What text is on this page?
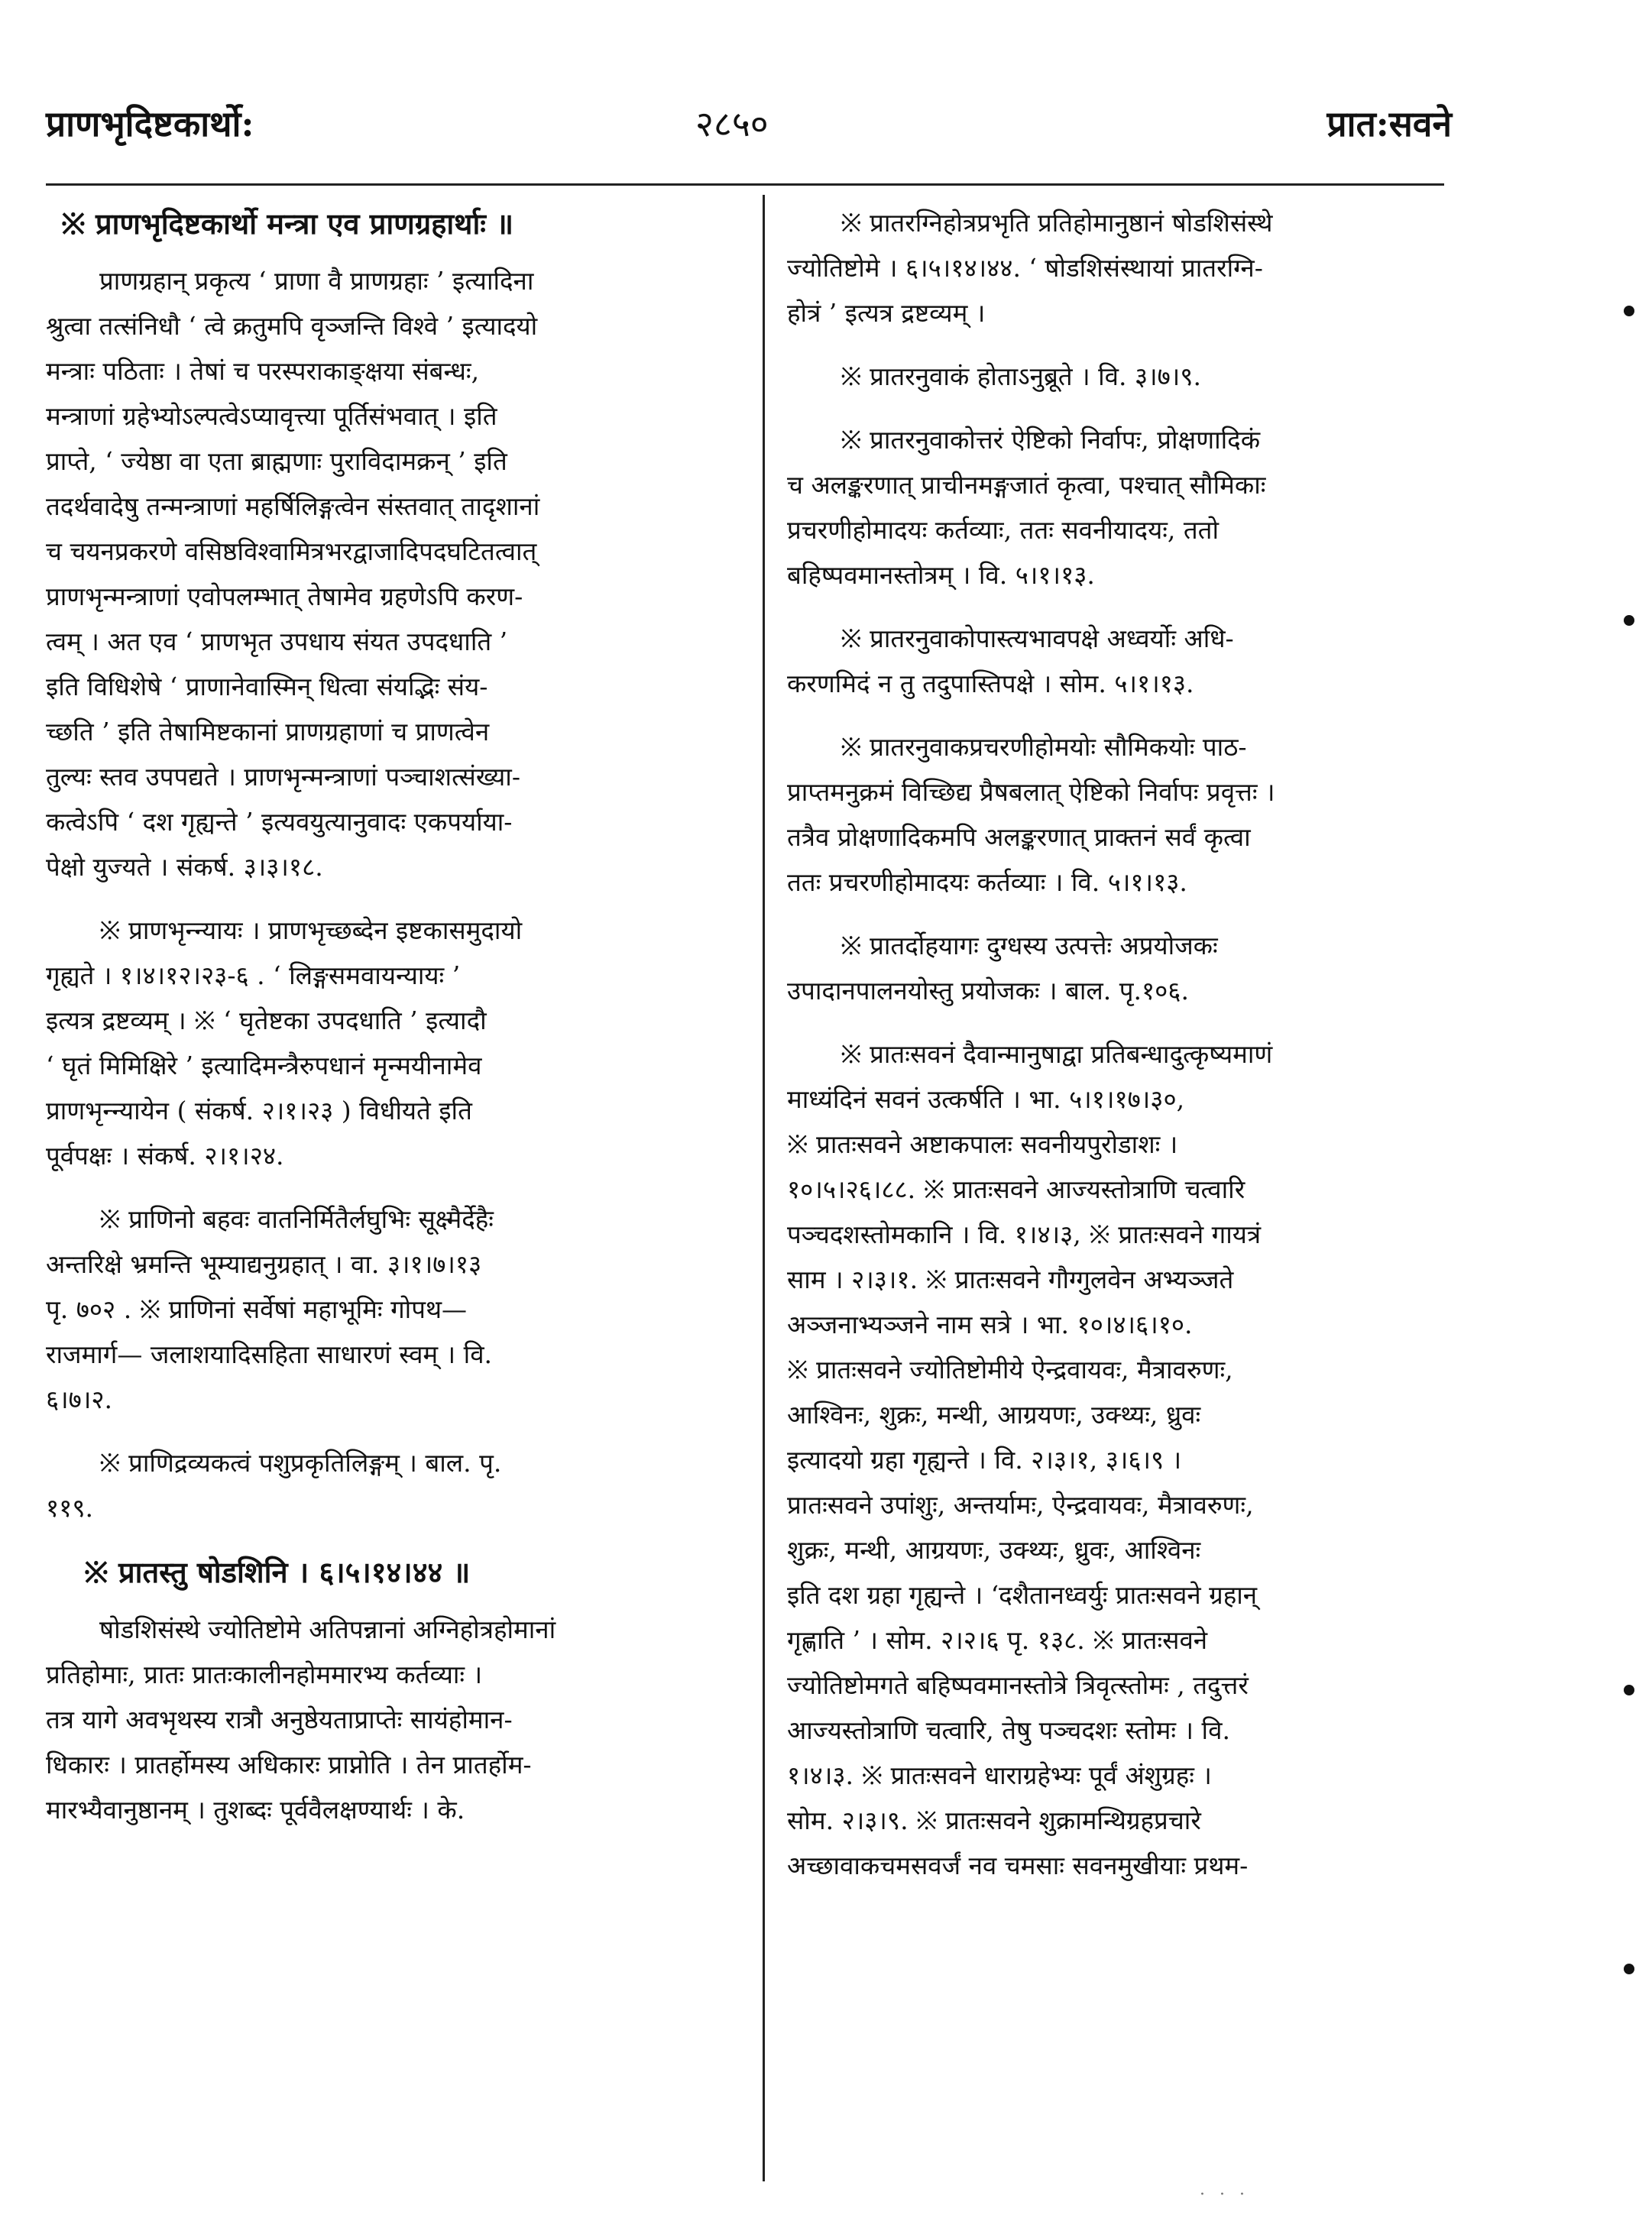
प्राणभृदिष्टकार्थो:	२८५०	प्रात:सवने

※ प्राणभृदिष्टकार्थो मन्त्रा एव प्राणग्रहार्थाः ॥

प्राणग्रहान् प्रकृत्य ‘ प्राणा वै प्राणग्रहाः ’ इत्यादिना
श्रुत्वा तत्संनिधौ ‘ त्वे क्रतुमपि वृञ्जन्ति विश्वे ’ इत्यादयो
मन्त्राः पठिताः । तेषां च परस्पराकाङ्क्षया संबन्धः,
मन्त्राणां ग्रहेभ्योऽल्पत्वेऽप्यावृत्त्या पूर्तिसंभवात् । इति
प्राप्ते, ‘ ज्येष्ठा वा एता ब्राह्मणाः पुराविदामक्रन् ’ इति
तदर्थवादेषु तन्मन्त्राणां महर्षिलिङ्गत्वेन संस्तवात् तादृशानां
च चयनप्रकरणे वसिष्ठविश्वामित्रभरद्वाजादिपदघटितत्वात्
प्राणभृन्मन्त्राणां एवोपलम्भात् तेषामेव ग्रहणेऽपि करण-
त्वम् । अत एव ‘ प्राणभृत उपधाय संयत उपदधाति ’
इति विधिशेषे ‘ प्राणानेवास्मिन् धित्वा संयद्भिः संय-
च्छति ’ इति तेषामिष्टकानां प्राणग्रहाणां च प्राणत्वेन
तुल्यः स्तव उपपद्यते । प्राणभृन्मन्त्राणां पञ्चाशत्संख्या-
कत्वेऽपि ‘ दश गृह्यन्ते ’ इत्यवयुत्यानुवादः एकपर्याया-
पेक्षो युज्यते । संकर्ष. ३।३।१८.

※ प्राणभृन्न्यायः । प्राणभृच्छब्देन इष्टकासमुदायो
गृह्यते । १।४।१२।२३-६ . ‘ लिङ्गसमवायन्यायः ’
इत्यत्र द्रष्टव्यम् । ※ ‘ घृतेष्टका उपदधाति ’ इत्यादौ
‘ घृतं मिमिक्षिरे ’ इत्यादिमन्त्रैरुपधानं मृन्मयीनामेव
प्राणभृन्न्यायेन ( संकर्ष. २।१।२३ ) विधीयते इति
पूर्वपक्षः । संकर्ष. २।१।२४.

※ प्राणिनो बहवः वातनिर्मितैर्लघुभिः सूक्ष्मैर्देहैः
अन्तरिक्षे भ्रमन्ति भूम्याद्यनुग्रहात् । वा. ३।१।७।१३
पृ. ७०२ . ※ प्राणिनां सर्वेषां महाभूमिः गोपथ—
राजमार्ग— जलाशयादिसहिता साधारणं स्वम् । वि.
६।७।२.

※ प्राणिद्रव्यकत्वं पशुप्रकृतिलिङ्गम् । बाल. पृ.
११९.

※ प्रातस्तु षोडशिनि । ६।५।१४।४४ ॥

षोडशिसंस्थे ज्योतिष्टोमे अतिपन्नानां अग्निहोत्रहोमानां
प्रतिहोमाः, प्रातः प्रातःकालीनहोममारभ्य कर्तव्याः ।
तत्र यागे अवभृथस्य रात्रौ अनुष्ठेयताप्राप्तेः सायंहोमान-
धिकारः । प्रातर्होमस्य अधिकारः प्राप्नोति । तेन प्रातर्होम-
मारभ्यैवानुष्ठानम् । तुशब्दः पूर्ववैलक्षण्यार्थः । के.

※ प्रातरग्निहोत्रप्रभृति प्रतिहोमानुष्ठानं षोडशिसंस्थे
ज्योतिष्टोमे । ६।५।१४।४४. ‘ षोडशिसंस्थायां प्रातरग्नि-
होत्रं ’ इत्यत्र द्रष्टव्यम् ।

※ प्रातरनुवाकं होताऽनुब्रूते । वि. ३।७।९.

※ प्रातरनुवाकोत्तरं ऐष्टिको निर्वापः, प्रोक्षणादिकं
च अलङ्करणात् प्राचीनमङ्गजातं कृत्वा, पश्चात् सौमिकाः
प्रचरणीहोमादयः कर्तव्याः, ततः सवनीयादयः, ततो
बहिष्पवमानस्तोत्रम् । वि. ५।१।१३.

※ प्रातरनुवाकोपास्त्यभावपक्षे अध्वर्योः अधि-
करणमिदं न तु तदुपास्तिपक्षे । सोम. ५।१।१३.

※ प्रातरनुवाकप्रचरणीहोमयोः सौमिकयोः पाठ-
प्राप्तमनुक्रमं विच्छिद्य प्रैषबलात् ऐष्टिको निर्वापः प्रवृत्तः ।
तत्रैव प्रोक्षणादिकमपि अलङ्करणात् प्राक्तनं सर्वं कृत्वा
ततः प्रचरणीहोमादयः कर्तव्याः । वि. ५।१।१३.

※ प्रातर्दोहयागः दुग्धस्य उत्पत्तेः अप्रयोजकः
उपादानपालनयोस्तु प्रयोजकः । बाल. पृ.१०६.

※ प्रातःसवनं दैवान्मानुषाद्वा प्रतिबन्धादुत्कृष्यमाणं
माध्यंदिनं सवनं उत्कर्षति । भा. ५।१।१७।३०,
※ प्रातःसवने अष्टाकपालः सवनीयपुरोडाशः ।
१०।५।२६।८८. ※ प्रातःसवने आज्यस्तोत्राणि चत्वारि
पञ्चदशस्तोमकानि । वि. १।४।३, ※ प्रातःसवने गायत्रं
साम । २।३।१. ※ प्रातःसवने गौग्गुलवेन अभ्यञ्जते
अञ्जनाभ्यञ्जने नाम सत्रे । भा. १०।४।६।१०.
※ प्रातःसवने ज्योतिष्टोमीये ऐन्द्रवायवः, मैत्रावरुणः,
आश्विनः, शुक्रः, मन्थी, आग्रयणः, उक्थ्यः, ध्रुवः
इत्यादयो ग्रहा गृह्यन्ते । वि. २।३।१, ३।६।९ ।
प्रातःसवने उपांशुः, अन्तर्यामः, ऐन्द्रवायवः, मैत्रावरुणः,
शुक्रः, मन्थी, आग्रयणः, उक्थ्यः, ध्रुवः, आश्विनः
इति दश ग्रहा गृह्यन्ते । ‘दशैतानध्वर्युः प्रातःसवने ग्रहान्
गृह्णाति ’ । सोम. २।२।६ पृ. १३८. ※ प्रातःसवने
ज्योतिष्टोमगते बहिष्पवमानस्तोत्रे त्रिवृत्स्तोमः , तदुत्तरं
आज्यस्तोत्राणि चत्वारि, तेषु पञ्चदशः स्तोमः । वि.
१।४।३. ※ प्रातःसवने धाराग्रहेभ्यः पूर्वं अंशुग्रहः ।
सोम. २।३।९. ※ प्रातःसवने शुक्रामन्थिग्रहप्रचारे
अच्छावाकचमसवर्जं नव चमसाः सवनमुखीयाः प्रथम-

· · ·
